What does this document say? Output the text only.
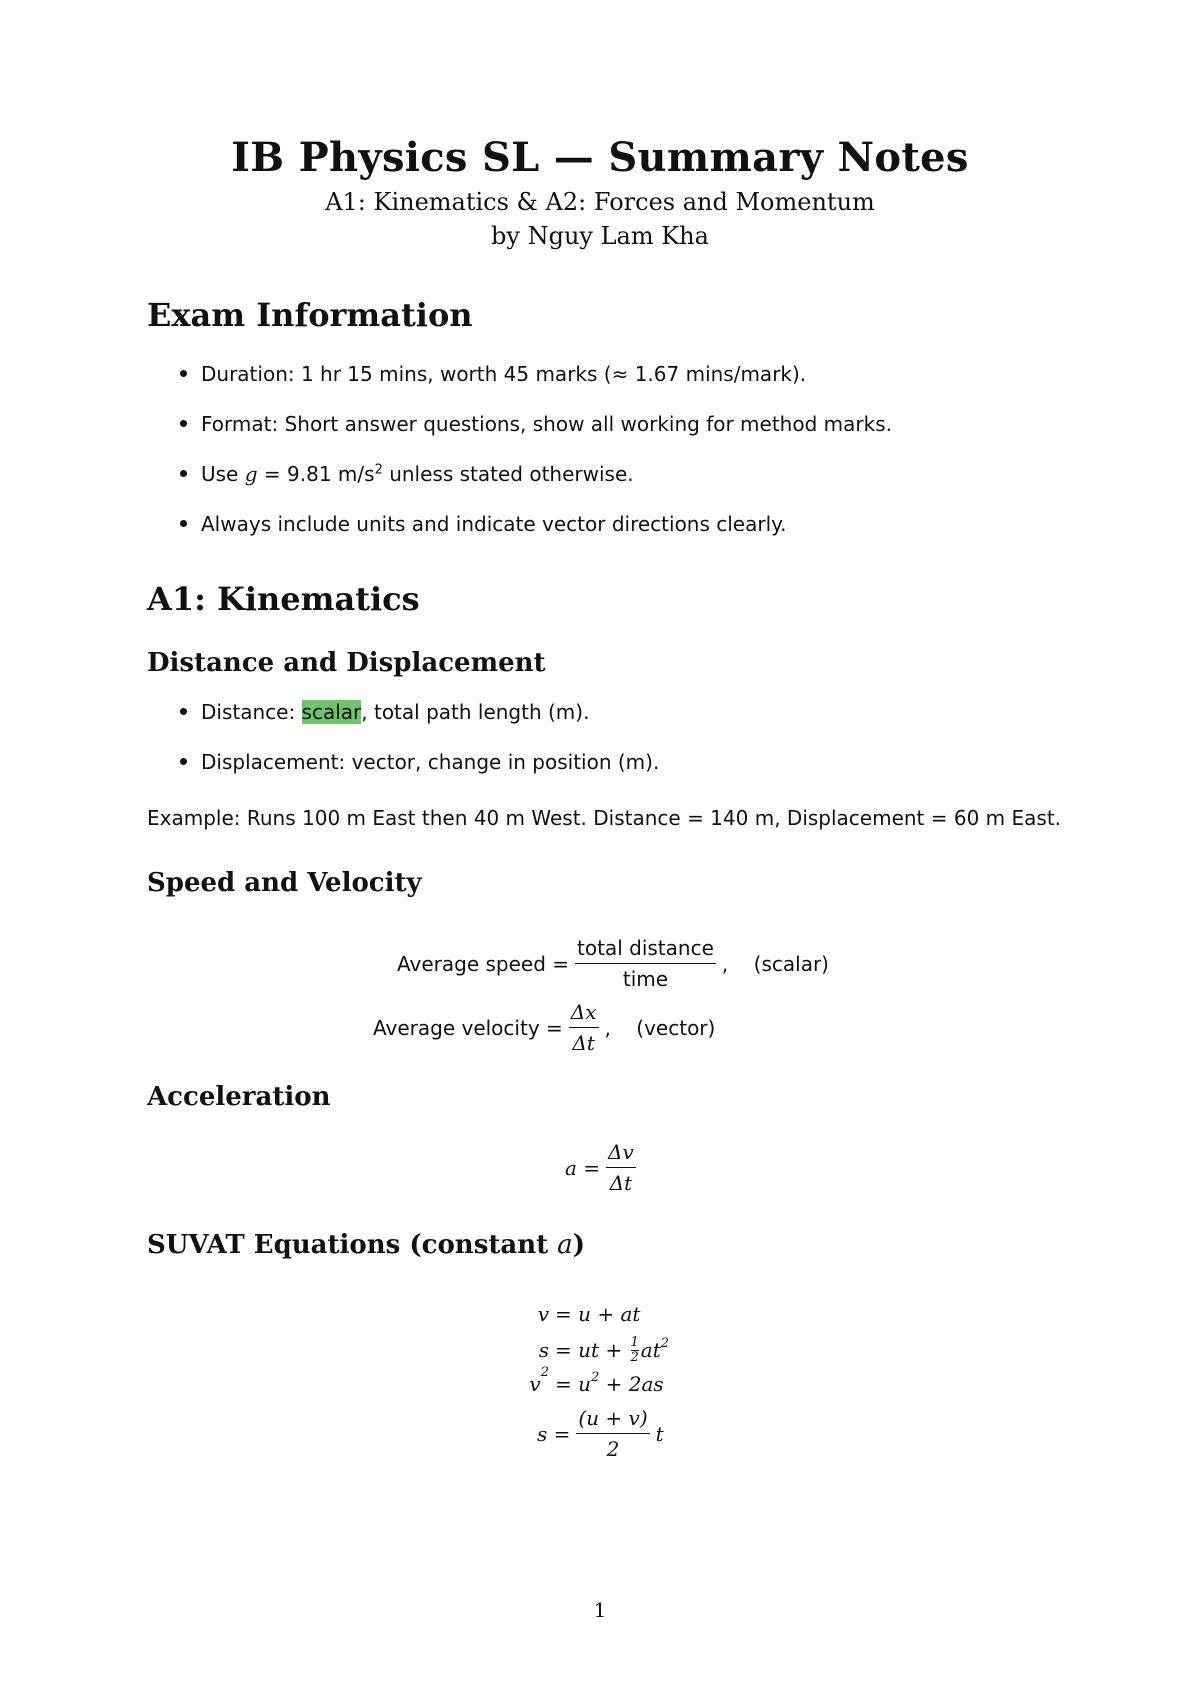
IB Physics SL — Summary Notes
A1: Kinematics & A2: Forces and Momentum
by Nguy Lam Kha
Exam Information
Duration: 1 hr 15 mins, worth 45 marks (≈ 1.67 mins/mark).
Format: Short answer questions, show all working for method marks.
Use g = 9.81 $m/s^2$ unless stated otherwise.
Always include units and indicate vector directions clearly.
A1: Kinematics
Distance and Displacement
Distance: scalar, total path length (m).
Displacement: vector, change in position (m).
Example: Runs 100 m East then 40 m West. Distance = 140 m, Displacement = 60 m East.
Speed and Velocity
Average speed = $\frac{\text{total distance}}{\text{time}}$ ,    (scalar)
Average velocity = $\frac{\Delta x}{\Delta t}$ ,    (vector)
Acceleration
$a = \frac{\Delta v}{\Delta t}$
SUVAT Equations (constant a)
v = u + at
s = ut + $\frac{1}{2}$ at 2
$v^2 = u$ 2 + 2as
$s = \frac{(u + v)}{2}$ t
1
